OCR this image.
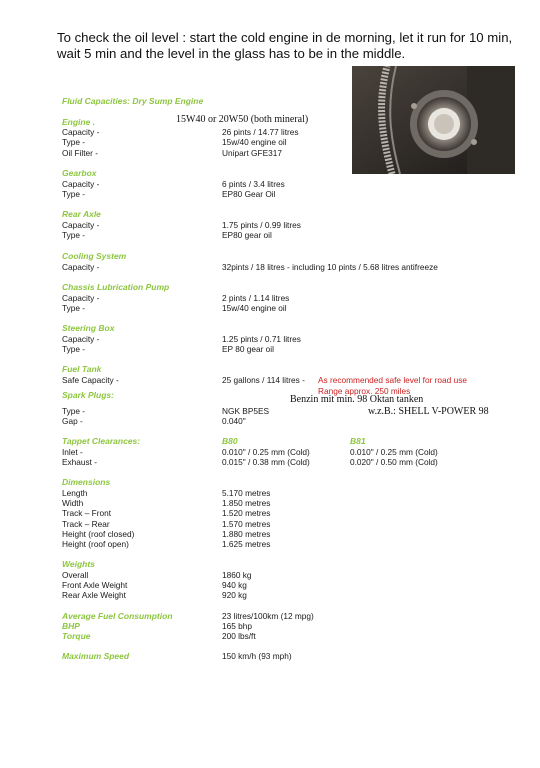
To check the oil level : start the cold engine in de morning, let it run for 10 min, wait 5 min and the level in the glass has to be in the middle.
Fluid Capacities: Dry Sump Engine
Engine .	15W40 or 20W50 (both mineral)
Capacity -	26 pints / 14.77 litres
Type -	15w/40 engine oil
Oil Filter -	Unipart GFE317
Gearbox
Capacity -	6 pints / 3.4 litres
Type -	EP80 Gear Oil
Rear Axle
Capacity -	1.75 pints / 0.99 litres
Type -	EP80 gear oil
Cooling System
Capacity -	32pints / 18 litres - including 10 pints / 5.68 litres antifreeze
Chassis Lubrication Pump
Capacity -	2 pints / 1.14 litres
Type -	15w/40 engine oil
Steering Box
Capacity -	1.25 pints / 0.71 litres
Type -	EP 80 gear oil
Fuel Tank
Safe Capacity -	25 gallons / 114 litres - As recommended safe level for road use
Spark Plugs:	Range approx. 250 miles
Benzin mit min. 98 Oktan tanken
Type -	NGK BP5ES	w.z.B.: SHELL V-POWER 98
Gap -	0.040"
Tappet Clearances:	B80	B81
Inlet -	0.010" / 0.25 mm (Cold)	0.010" / 0.25 mm (Cold)
Exhaust -	0.015" / 0.38 mm (Cold)	0.020" / 0.50 mm (Cold)
Dimensions
Length	5.170 metres
Width	1.850 metres
Track – Front	1.520 metres
Track – Rear	1.570 metres
Height (roof closed)	1.880 metres
Height (roof open)	1.625 metres
Weights
Overall	1860 kg
Front Axle Weight	940 kg
Rear Axle Weight	920 kg
Average Fuel Consumption	23 litres/100km (12 mpg)
BHP	165 bhp
Torque	200 lbs/ft
Maximum Speed	150 km/h (93 mph)
